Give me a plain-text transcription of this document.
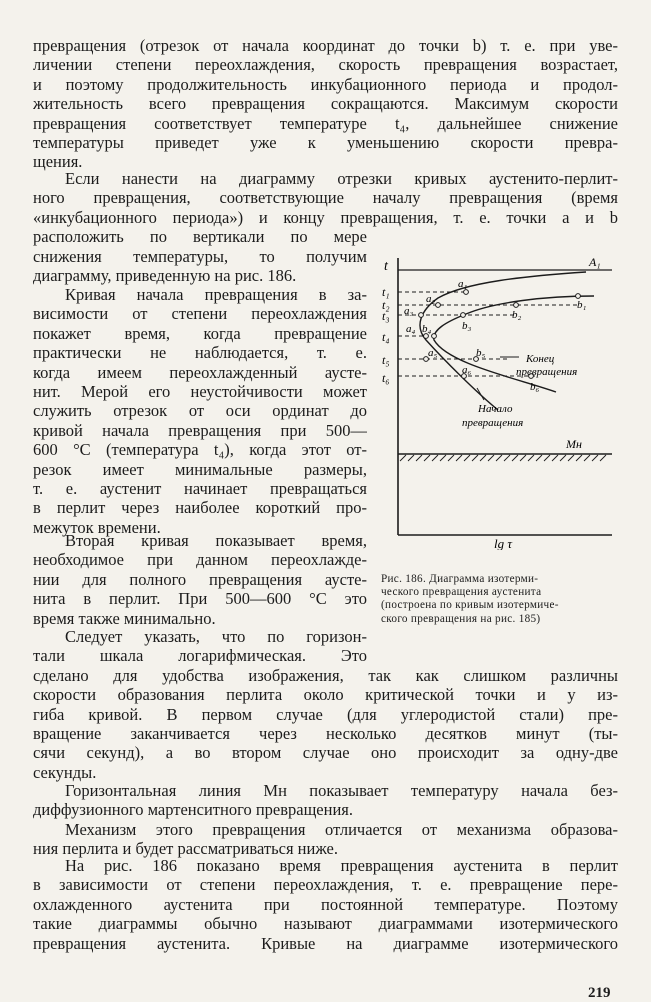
превращения (отрезок от начала координат до точки b) т. е. при уве-
личении степени переохлаждения, скорость превращения возрастает,
и поэтому продолжительность инкубационного периода и продол-
жительность всего превращения сокращаются. Максимум скорости
превращения соответствует температуре t₄, дальнейшее снижение
температуры приведет уже к уменьшению скорости превра-
щения.
Если нанести на диаграмму отрезки кривых аустенито-перлит-
ного превращения, соответствующие началу превращения (время
«инкубационного периода») и концу превращения, т. е. точки a и b
расположить по вертикали по мере
снижения температуры, то получим
диаграмму, приведенную на рис. 186.
Кривая начала превращения в за-
висимости от степени переохлаждения
покажет время, когда превращение
практически не наблюдается, т. е.
когда имеем переохлажденный аусте-
нит. Мерой его неустойчивости может
служить отрезок от оси ординат до
кривой начала превращения при 500—
600 °C (температура t₄), когда этот от-
резок имеет минимальные размеры,
т. е. аустенит начинает превращаться
в перлит через наиболее короткий про-
межуток времени.
Вторая кривая показывает время,
необходимое при данном переохлажде-
нии для полного превращения аусте-
нита в перлит. При 500—600 °C это
время также минимально.
Следует указать, что по горизон-
тали шкала логарифмическая. Это
сделано для удобства изображения, так как слишком различны
скорости образования перлита около критической точки и у из-
гиба кривой. В первом случае (для углеродистой стали) пре-
вращение заканчивается через несколько десятков минут (ты-
сячи секунд), а во втором случае оно происходит за одну-две
секунды.
Горизонтальная линия Mн показывает температуру начала без-
диффузионного мартенситного превращения.
Механизм этого превращения отличается от механизма образова-
ния перлита и будет рассматриваться ниже.
На рис. 186 показано время превращения аустенита в перлит
в зависимости от степени переохлаждения, т. е. превращение пере-
охлажденного аустенита при постоянной температуре. Поэтому
такие диаграммы обычно называют диаграммами изотермического
превращения аустенита. Кривые на диаграмме изотермического
t
lg τ
A₁
t₁
t₂
t₃
t₄
t₅
t₆
a₁
a₂
a₃
a₄
a₅
a₆
b₁
b₂
b₃
b₄
b₅
b₆
Конец
превращения
Начало
превращения
Mн
Рис. 186. Диаграмма изотерми-
ческого превращения аустенита
(построена по кривым изотермиче-
ского превращения на рис. 185)
219
